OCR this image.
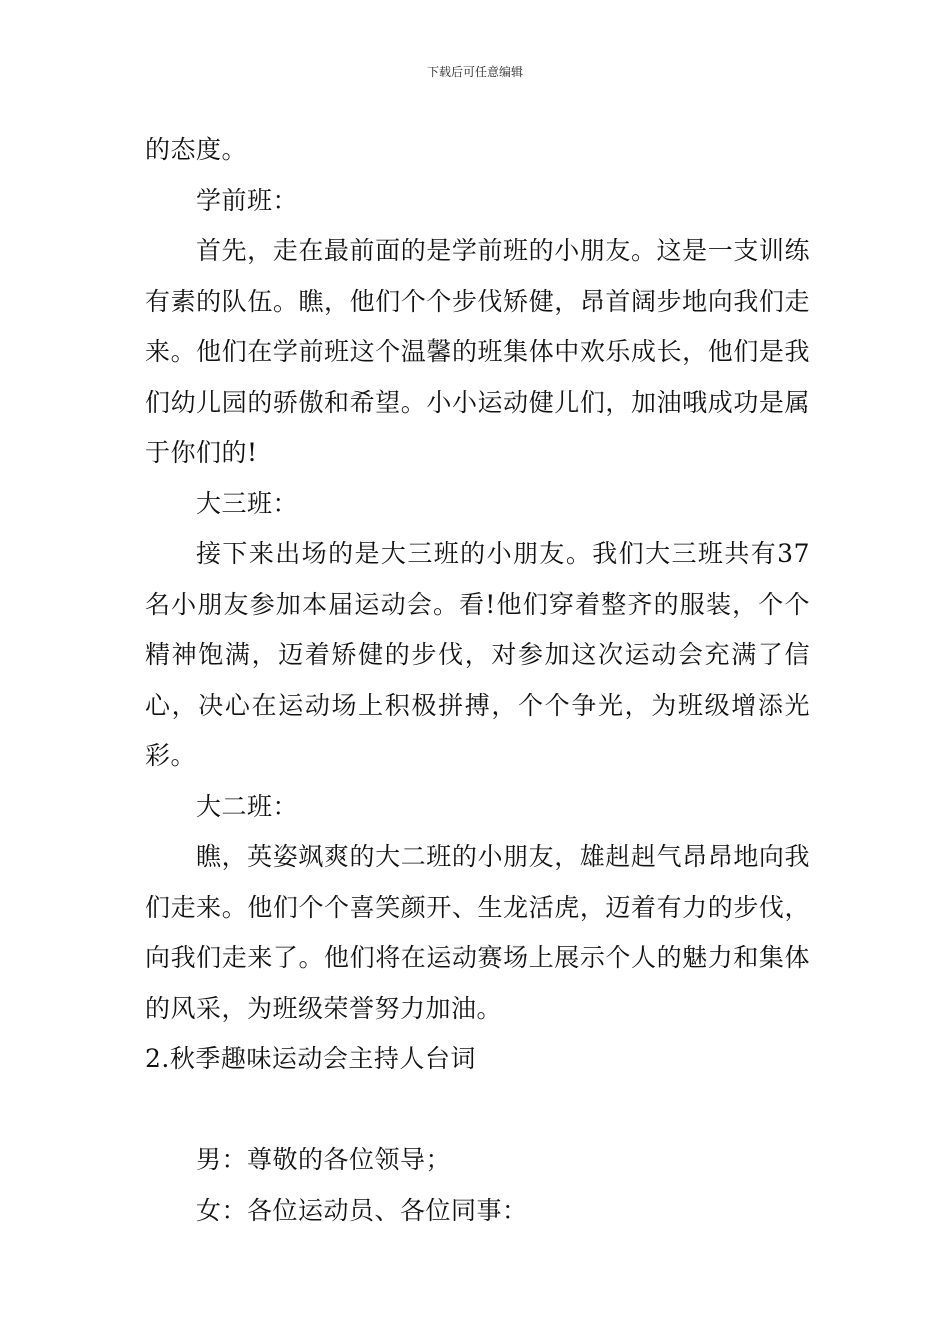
下载后可任意编辑

的态度。

学前班：

首先，走在最前面的是学前班的小朋友。这是一支训练有素的队伍。瞧，他们个个步伐矫健，昂首阔步地向我们走来。他们在学前班这个温馨的班集体中欢乐成长，他们是我们幼儿园的骄傲和希望。小小运动健儿们，加油哦成功是属于你们的!

大三班：

接下来出场的是大三班的小朋友。我们大三班共有37名小朋友参加本届运动会。看!他们穿着整齐的服装，个个精神饱满，迈着矫健的步伐，对参加这次运动会充满了信心，决心在运动场上积极拼搏，个个争光，为班级增添光彩。

大二班：

瞧，英姿飒爽的大二班的小朋友，雄赳赳气昂昂地向我们走来。他们个个喜笑颜开、生龙活虎，迈着有力的步伐，向我们走来了。他们将在运动赛场上展示个人的魅力和集体的风采，为班级荣誉努力加油。

2.秋季趣味运动会主持人台词

男：尊敬的各位领导；

女：各位运动员、各位同事：
